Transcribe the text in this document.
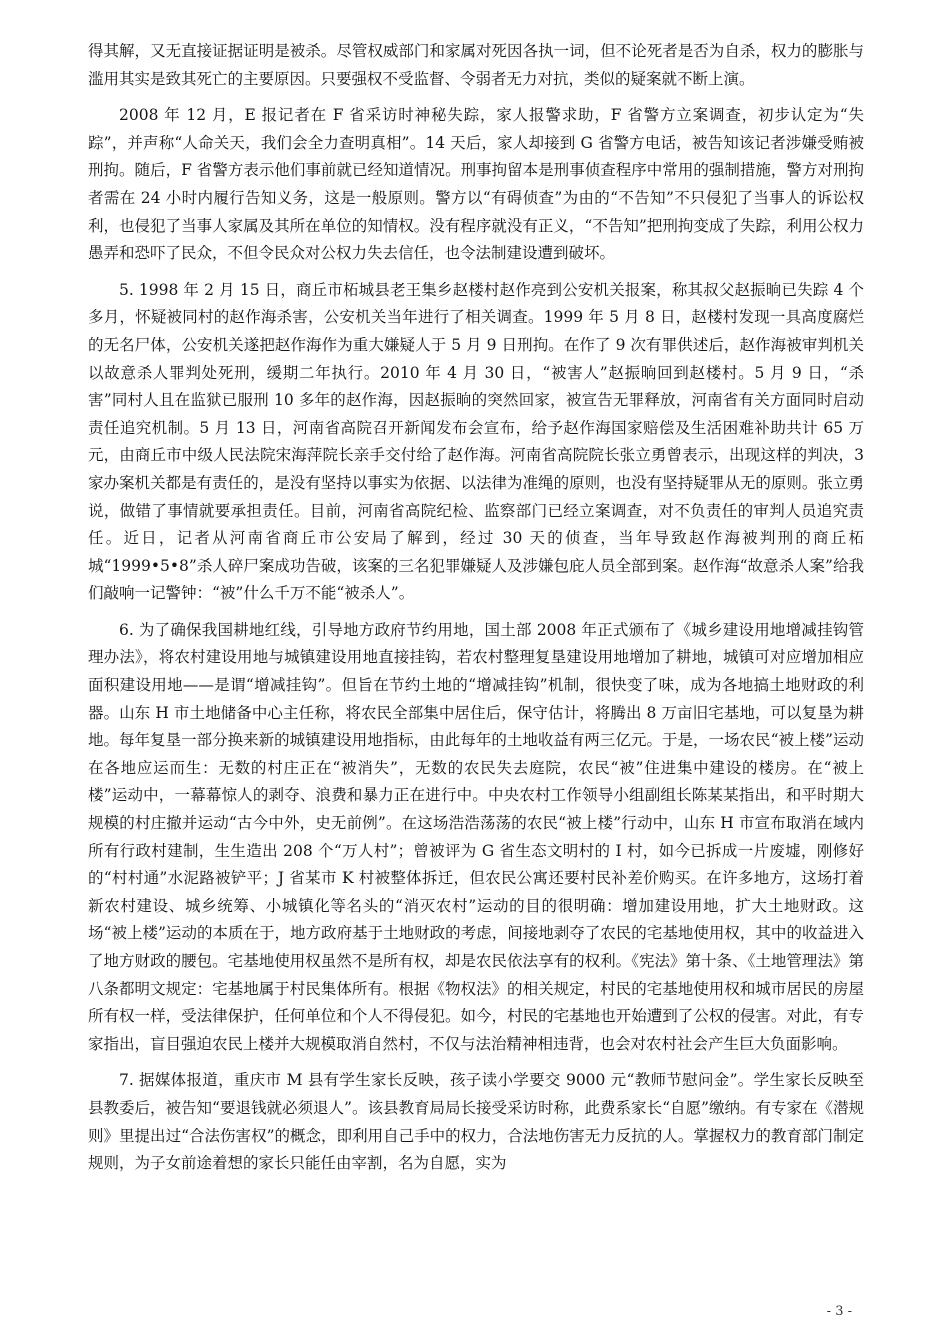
得其解，又无直接证据证明是被杀。尽管权威部门和家属对死因各执一词，但不论死者是否为自杀，权力的膨胀与滥用其实是致其死亡的主要原因。只要强权不受监督、令弱者无力对抗，类似的疑案就不断上演。

2008 年 12 月，E 报记者在 F 省采访时神秘失踪，家人报警求助，F 省警方立案调查，初步认定为“失踪”，并声称“人命关天，我们会全力查明真相”。14 天后，家人却接到 G 省警方电话，被告知该记者涉嫌受贿被刑拘。随后，F 省警方表示他们事前就已经知道情况。刑事拘留本是刑事侦查程序中常用的强制措施，警方对刑拘者需在 24 小时内履行告知义务，这是一般原则。警方以“有碍侦查”为由的“不告知”不只侵犯了当事人的诉讼权利，也侵犯了当事人家属及其所在单位的知情权。没有程序就没有正义，“不告知”把刑拘变成了失踪，利用公权力愚弄和恐吓了民众，不但令民众对公权力失去信任，也令法制建设遭到破坏。

5. 1998 年 2 月 15 日，商丘市柘城县老王集乡赵楼村赵作亮到公安机关报案，称其叔父赵振晌已失踪 4 个多月，怀疑被同村的赵作海杀害，公安机关当年进行了相关调查。1999 年 5 月 8 日，赵楼村发现一具高度腐烂的无名尸体，公安机关遂把赵作海作为重大嫌疑人于 5 月 9 日刑拘。在作了 9 次有罪供述后，赵作海被审判机关以故意杀人罪判处死刑，缓期二年执行。2010 年 4 月 30 日，“被害人”赵振晌回到赵楼村。5 月 9 日，“杀害”同村人且在监狱已服刑 10 多年的赵作海，因赵振晌的突然回家，被宣告无罪释放，河南省有关方面同时启动责任追究机制。5 月 13 日，河南省高院召开新闻发布会宣布，给予赵作海国家赔偿及生活困难补助共计 65 万元，由商丘市中级人民法院宋海萍院长亲手交付给了赵作海。河南省高院院长张立勇曾表示，出现这样的判决，3 家办案机关都是有责任的，是没有坚持以事实为依据、以法律为准绳的原则，也没有坚持疑罪从无的原则。张立勇说，做错了事情就要承担责任。目前，河南省高院纪检、监察部门已经立案调查，对不负责任的审判人员追究责任。近日，记者从河南省商丘市公安局了解到，经过 30 天的侦查，当年导致赵作海被判刑的商丘柘城“1999•5•8”杀人碎尸案成功告破，该案的三名犯罪嫌疑人及涉嫌包庇人员全部到案。赵作海“故意杀人案”给我们敲响一记警钟：“被”什么千万不能“被杀人”。

6. 为了确保我国耕地红线，引导地方政府节约用地，国土部 2008 年正式颁布了《城乡建设用地增减挂钩管理办法》，将农村建设用地与城镇建设用地直接挂钩，若农村整理复垦建设用地增加了耕地，城镇可对应增加相应面积建设用地——是谓“增减挂钩”。但旨在节约土地的“增减挂钩”机制，很快变了味，成为各地搞土地财政的利器。山东 H 市土地储备中心主任称，将农民全部集中居住后，保守估计，将腾出 8 万亩旧宅基地，可以复垦为耕地。每年复垦一部分换来新的城镇建设用地指标，由此每年的土地收益有两三亿元。于是，一场农民“被上楼”运动在各地应运而生：无数的村庄正在“被消失”，无数的农民失去庭院，农民“被”住进集中建设的楼房。在“被上楼”运动中，一幕幕惊人的剥夺、浪费和暴力正在进行中。中央农村工作领导小组副组长陈某某指出，和平时期大规模的村庄撤并运动“古今中外，史无前例”。在这场浩浩荡荡的农民“被上楼”行动中，山东 H 市宣布取消在域内所有行政村建制，生生造出 208 个“万人村”；曾被评为 G 省生态文明村的 I 村，如今已拆成一片废墟，刚修好的“村村通”水泥路被铲平；J 省某市 K 村被整体拆迁，但农民公寓还要村民补差价购买。在许多地方，这场打着新农村建设、城乡统筹、小城镇化等名头的“消灭农村”运动的目的很明确：增加建设用地，扩大土地财政。这场“被上楼”运动的本质在于，地方政府基于土地财政的考虑，间接地剥夺了农民的宅基地使用权，其中的收益进入了地方财政的腰包。宅基地使用权虽然不是所有权，却是农民依法享有的权利。《宪法》第十条、《土地管理法》第八条都明文规定：宅基地属于村民集体所有。根据《物权法》的相关规定，村民的宅基地使用权和城市居民的房屋所有权一样，受法律保护，任何单位和个人不得侵犯。如今，村民的宅基地也开始遭到了公权的侵害。对此，有专家指出，盲目强迫农民上楼并大规模取消自然村，不仅与法治精神相违背，也会对农村社会产生巨大负面影响。

7. 据媒体报道，重庆市 M 县有学生家长反映，孩子读小学要交 9000 元“教师节慰问金”。学生家长反映至县教委后，被告知“要退钱就必须退人”。该县教育局局长接受采访时称，此费系家长“自愿”缴纳。有专家在《潜规则》里提出过“合法伤害权”的概念，即利用自己手中的权力，合法地伤害无力反抗的人。掌握权力的教育部门制定规则，为子女前途着想的家长只能任由宰割，名为自愿，实为

- 3 -
